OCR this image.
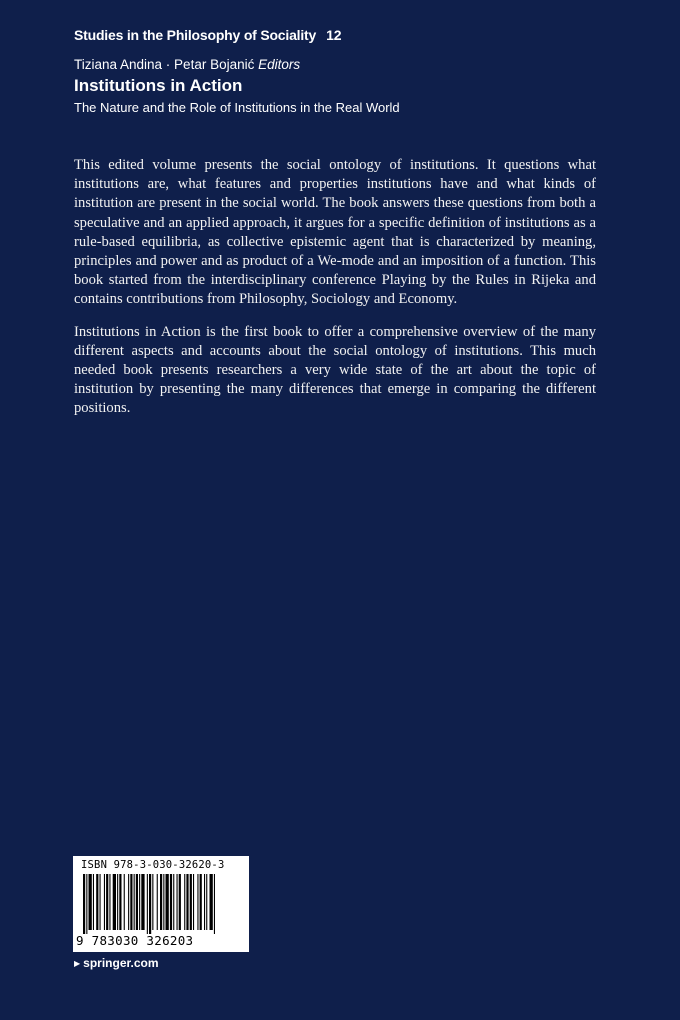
Studies in the Philosophy of Sociality 12
Tiziana Andina · Petar Bojanić Editors
Institutions in Action
The Nature and the Role of Institutions in the Real World

This edited volume presents the social ontology of institutions. It questions what institutions are, what features and properties institutions have and what kinds of institution are present in the social world. The book answers these questions from both a speculative and an applied approach, it argues for a specific definition of institutions as a rule-based equilibria, as collective epistemic agent that is characterized by meaning, principles and power and as product of a We-mode and an imposition of a function. This book started from the interdisciplinary conference Playing by the Rules in Rijeka and contains contributions from Philosophy, Sociology and Economy.

Institutions in Action is the first book to offer a comprehensive overview of the many different aspects and accounts about the social ontology of institutions. This much needed book presents researchers a very wide state of the art about the topic of institution by presenting the many differences that emerge in comparing the different positions.

ISBN 978-3-030-32620-3
9 783030 326203
▶ springer.com
